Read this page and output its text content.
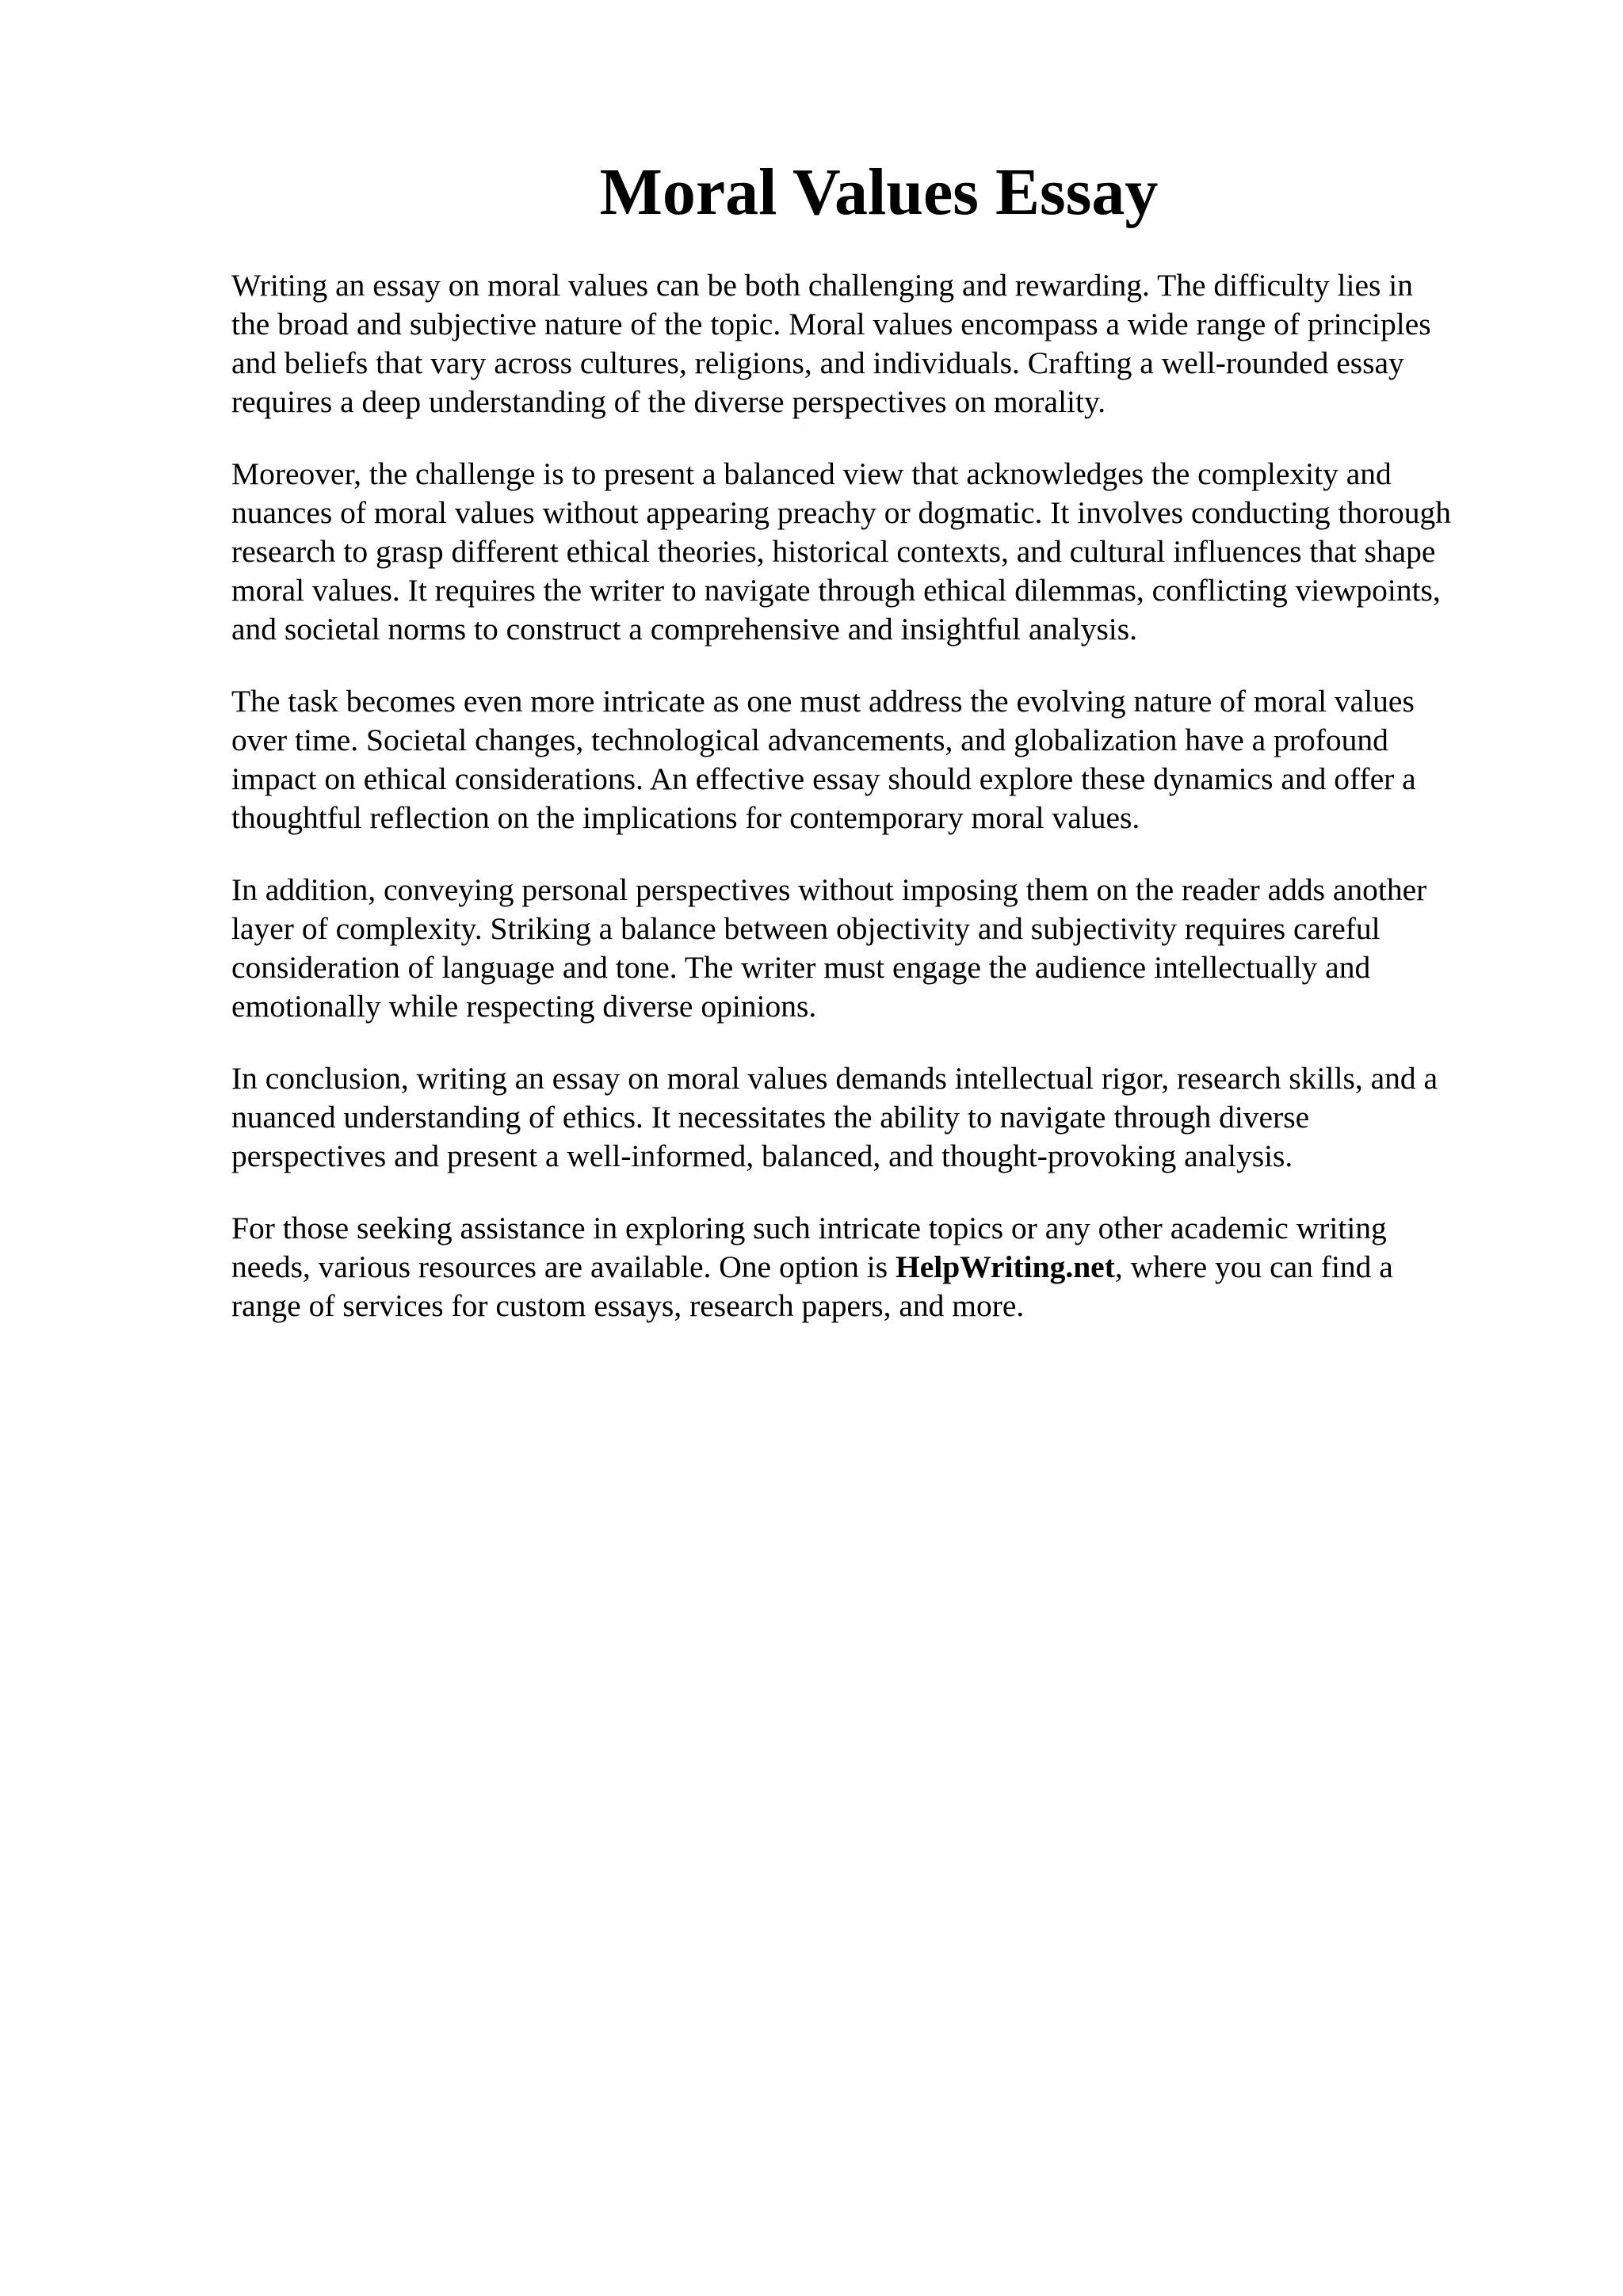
Moral Values Essay

Writing an essay on moral values can be both challenging and rewarding. The difficulty lies in
the broad and subjective nature of the topic. Moral values encompass a wide range of principles
and beliefs that vary across cultures, religions, and individuals. Crafting a well-rounded essay
requires a deep understanding of the diverse perspectives on morality.

Moreover, the challenge is to present a balanced view that acknowledges the complexity and
nuances of moral values without appearing preachy or dogmatic. It involves conducting thorough
research to grasp different ethical theories, historical contexts, and cultural influences that shape
moral values. It requires the writer to navigate through ethical dilemmas, conflicting viewpoints,
and societal norms to construct a comprehensive and insightful analysis.

The task becomes even more intricate as one must address the evolving nature of moral values
over time. Societal changes, technological advancements, and globalization have a profound
impact on ethical considerations. An effective essay should explore these dynamics and offer a
thoughtful reflection on the implications for contemporary moral values.

In addition, conveying personal perspectives without imposing them on the reader adds another
layer of complexity. Striking a balance between objectivity and subjectivity requires careful
consideration of language and tone. The writer must engage the audience intellectually and
emotionally while respecting diverse opinions.

In conclusion, writing an essay on moral values demands intellectual rigor, research skills, and a
nuanced understanding of ethics. It necessitates the ability to navigate through diverse
perspectives and present a well-informed, balanced, and thought-provoking analysis.

For those seeking assistance in exploring such intricate topics or any other academic writing
needs, various resources are available. One option is HelpWriting.net, where you can find a
range of services for custom essays, research papers, and more.
